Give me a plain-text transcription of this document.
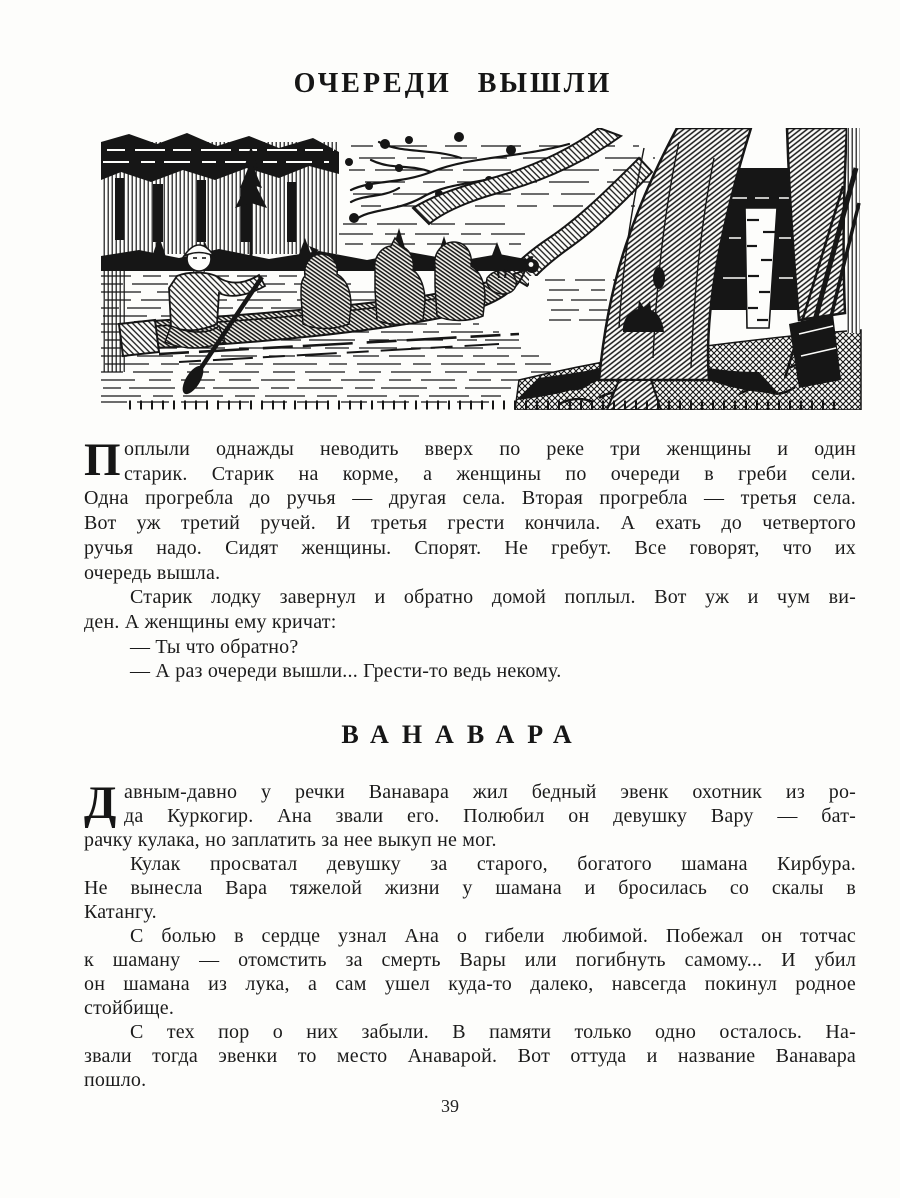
ОЧЕРЕДИ ВЫШЛИ
П оплыли однажды неводить вверх по реке три женщины и один
старик. Старик на корме, а женщины по очереди в греби сели.
Одна прогребла до ручья — другая села. Вторая прогребла — третья села.
Вот уж третий ручей. И третья грести кончила. А ехать до четвертого
ручья надо. Сидят женщины. Спорят. Не гребут. Все говорят, что их
очередь вышла.
Старик лодку завернул и обратно домой поплыл. Вот уж и чум ви-
ден. А женщины ему кричат:
— Ты что обратно?
— А раз очереди вышли... Грести-то ведь некому.
ВАНАВАРА
Д авным-давно у речки Ванавара жил бедный эвенк охотник из ро-
да Куркогир. Ана звали его. Полюбил он девушку Вару — бат-
рачку кулака, но заплатить за нее выкуп не мог.
Кулак просватал девушку за старого, богатого шамана Кирбура.
Не вынесла Вара тяжелой жизни у шамана и бросилась со скалы в
Катангу.
С болью в сердце узнал Ана о гибели любимой. Побежал он тотчас
к шаману — отомстить за смерть Вары или погибнуть самому... И убил
он шамана из лука, а сам ушел куда-то далеко, навсегда покинул родное
стойбище.
С тех пор о них забыли. В памяти только одно осталось. На-
звали тогда эвенки то место Анаварой. Вот оттуда и название Ванавара
пошло.
39
